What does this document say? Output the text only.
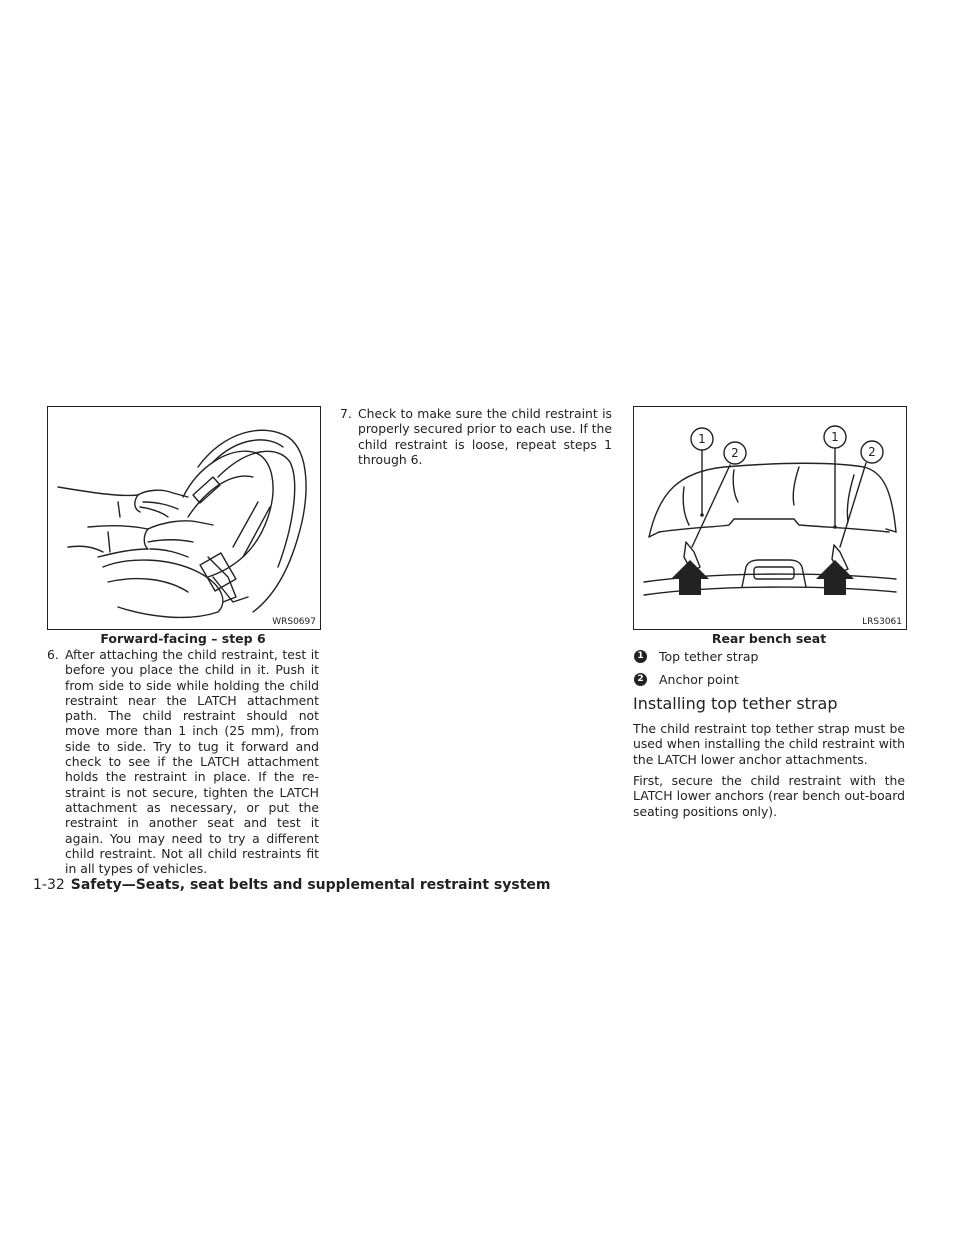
WRS0697
Forward-facing – step 6
6. After attaching the child restraint, test it before you place the child in it. Push it from side to side while holding the child restraint near the LATCH attachment path. The child restraint should not move more than 1 inch (25 mm), from side to side. Try to tug it forward and check to see if the LATCH attachment holds the restraint in place. If the re-straint is not secure, tighten the LATCH attachment as necessary, or put the restraint in another seat and test it again. You may need to try a different child restraint. Not all child restraints fit in all types of vehicles.
7. Check to make sure the child restraint is properly secured prior to each use. If the child restraint is loose, repeat steps 1 through 6.
1
2
1
2
LRS3061
Rear bench seat
1 Top tether strap
2 Anchor point
Installing top tether strap

The child restraint top tether strap must be used when installing the child restraint with the LATCH lower anchor attachments.

First, secure the child restraint with the LATCH lower anchors (rear bench out-board seating positions only).

1-32 Safety—Seats, seat belts and supplemental restraint system
